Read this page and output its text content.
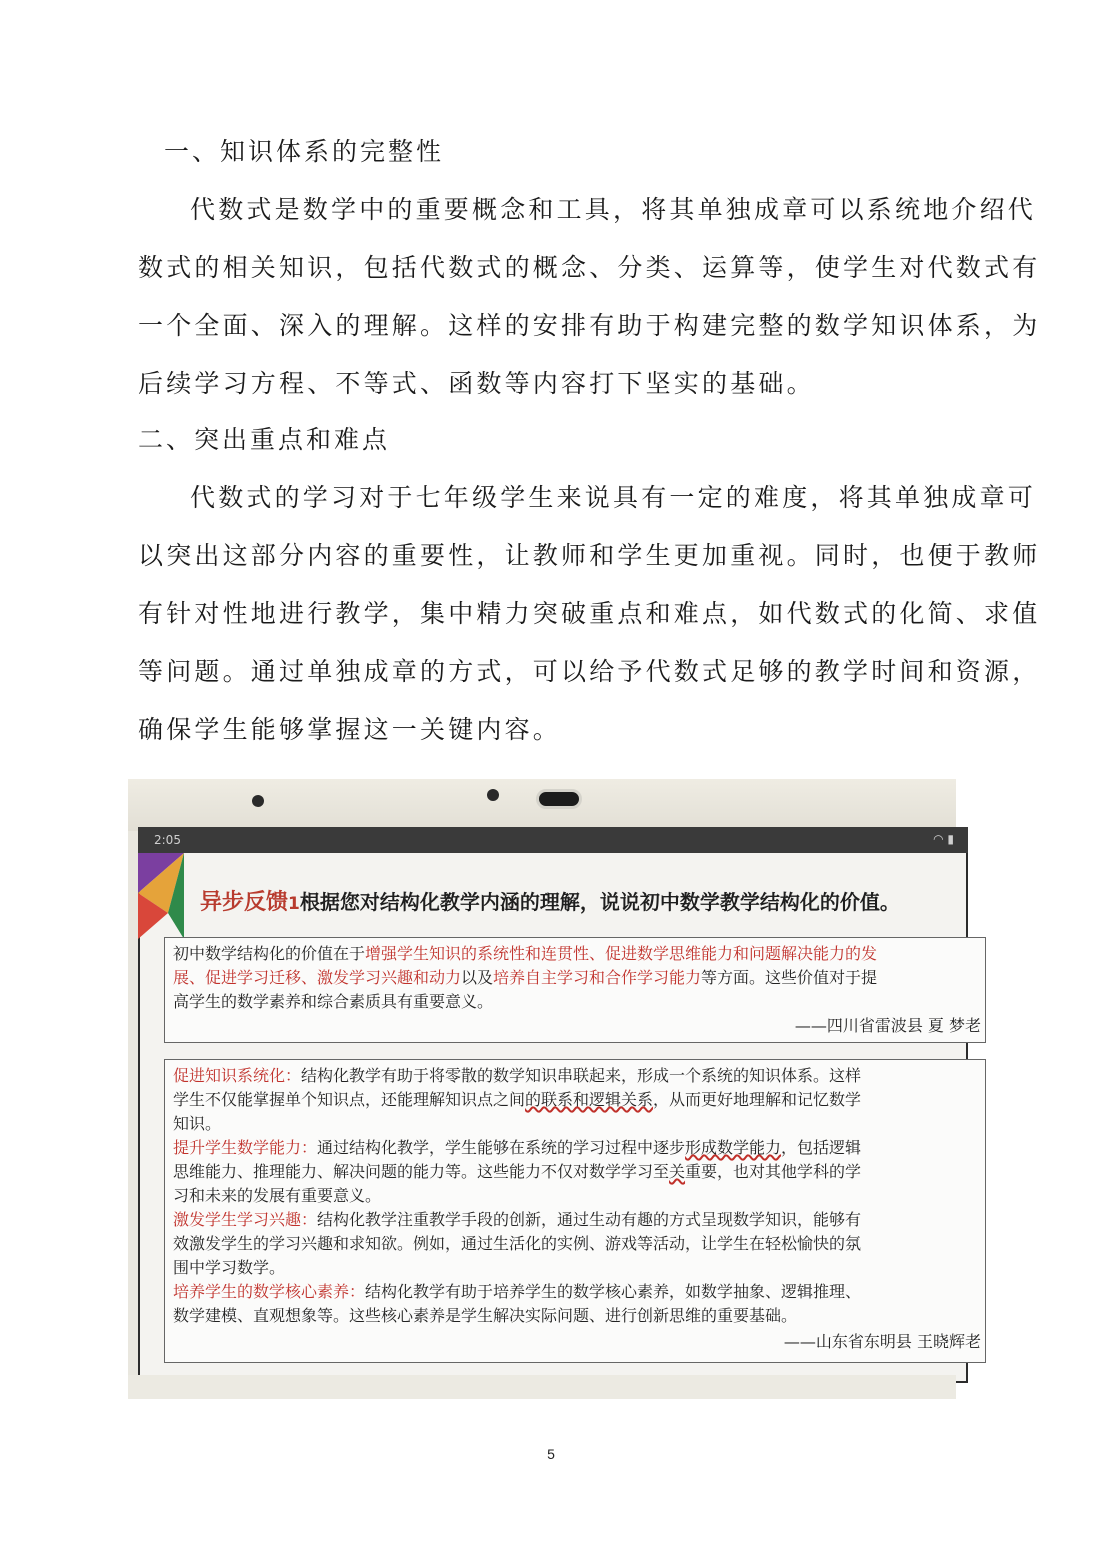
一、知识体系的完整性
代数式是数学中的重要概念和工具，将其单独成章可以系统地介绍代
数式的相关知识，包括代数式的概念、分类、运算等，使学生对代数式有
一个全面、深入的理解。这样的安排有助于构建完整的数学知识体系，为
后续学习方程、不等式、函数等内容打下坚实的基础。
二、突出重点和难点
代数式的学习对于七年级学生来说具有一定的难度，将其单独成章可
以突出这部分内容的重要性，让教师和学生更加重视。同时，也便于教师
有针对性地进行教学，集中精力突破重点和难点，如代数式的化简、求值
等问题。通过单独成章的方式，可以给予代数式足够的教学时间和资源，
确保学生能够掌握这一关键内容。
2:05	◠ ▮
异步反馈1根据您对结构化教学内涵的理解，说说初中数学教学结构化的价值。
初中数学结构化的价值在于增强学生知识的系统性和连贯性、促进数学思维能力和问题解决能力的发
展、促进学习迁移、激发学习兴趣和动力以及培养自主学习和合作学习能力等方面。这些价值对于提
高学生的数学素养和综合素质具有重要意义。
——四川省雷波县 夏 梦老
促进知识系统化：结构化教学有助于将零散的数学知识串联起来，形成一个系统的知识体系。这样
学生不仅能掌握单个知识点，还能理解知识点之间的联系和逻辑关系，从而更好地理解和记忆数学
知识。
提升学生数学能力：通过结构化教学，学生能够在系统的学习过程中逐步形成数学能力，包括逻辑
思维能力、推理能力、解决问题的能力等。这些能力不仅对数学学习至关重要，也对其他学科的学
习和未来的发展有重要意义。
激发学生学习兴趣：结构化教学注重教学手段的创新，通过生动有趣的方式呈现数学知识，能够有
效激发学生的学习兴趣和求知欲。例如，通过生活化的实例、游戏等活动，让学生在轻松愉快的氛
围中学习数学。
培养学生的数学核心素养：结构化教学有助于培养学生的数学核心素养，如数学抽象、逻辑推理、
数学建模、直观想象等。这些核心素养是学生解决实际问题、进行创新思维的重要基础。
——山东省东明县 王晓辉老
5
